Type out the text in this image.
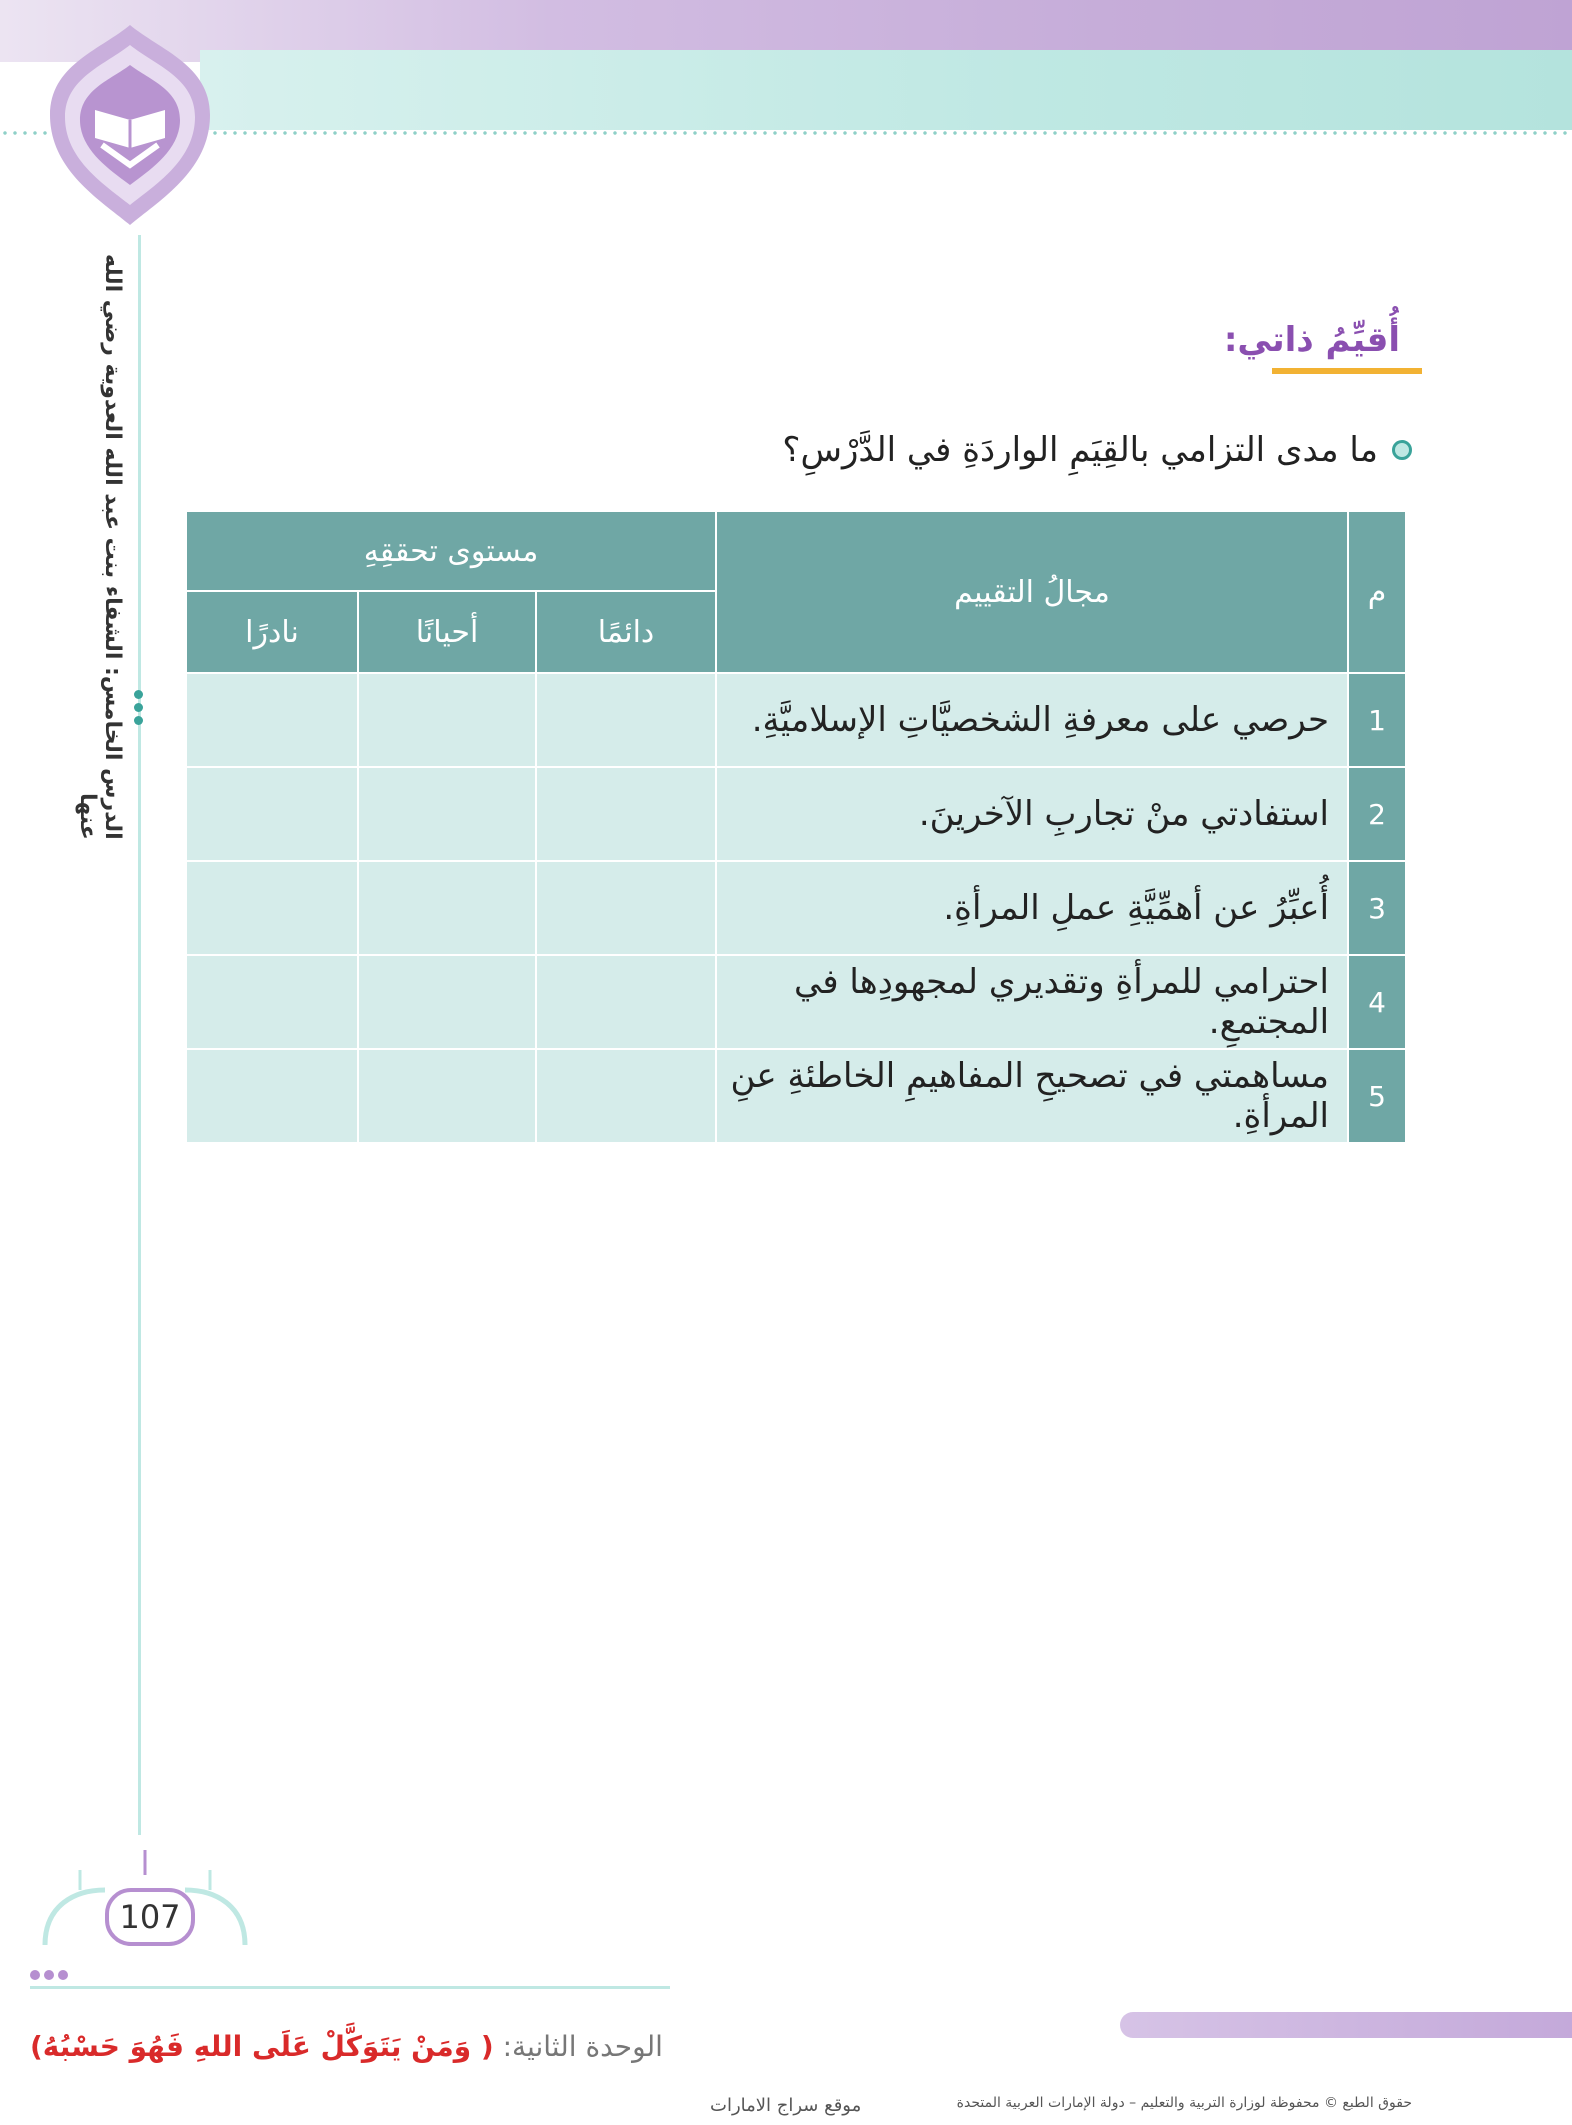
الدرس الخامس: الشفاء بنت عبد الله العدوية رضي الله عنها
أُقيِّمُ ذاتي:
ما مدى التزامي بالقِيَمِ الواردَةِ في الدَّرْسِ؟
م	مجالُ التقييم	مستوى تحققِهِ		
		دائمًا	أحيانًا	نادرًا
1	حرصي على معرفةِ الشخصيَّاتِ الإسلاميَّةِ.			
2	استفادتي منْ تجاربِ الآخرينَ.			
3	أُعبِّرُ عن أهمِّيَّةِ عملِ المرأةِ.			
4	احترامي للمرأةِ وتقديري لمجهودِها في المجتمعِ.			
5	مساهمتي في تصحيحِ المفاهيمِ الخاطئةِ عنِ المرأةِ.			
107
الوحدة الثانية: ( وَمَنْ يَتَوَكَّلْ عَلَى اللهِ فَهُوَ حَسْبُهُ)
موقع سراج الامارات	حقوق الطبع © محفوظة لوزارة التربية والتعليم – دولة الإمارات العربية المتحدة
